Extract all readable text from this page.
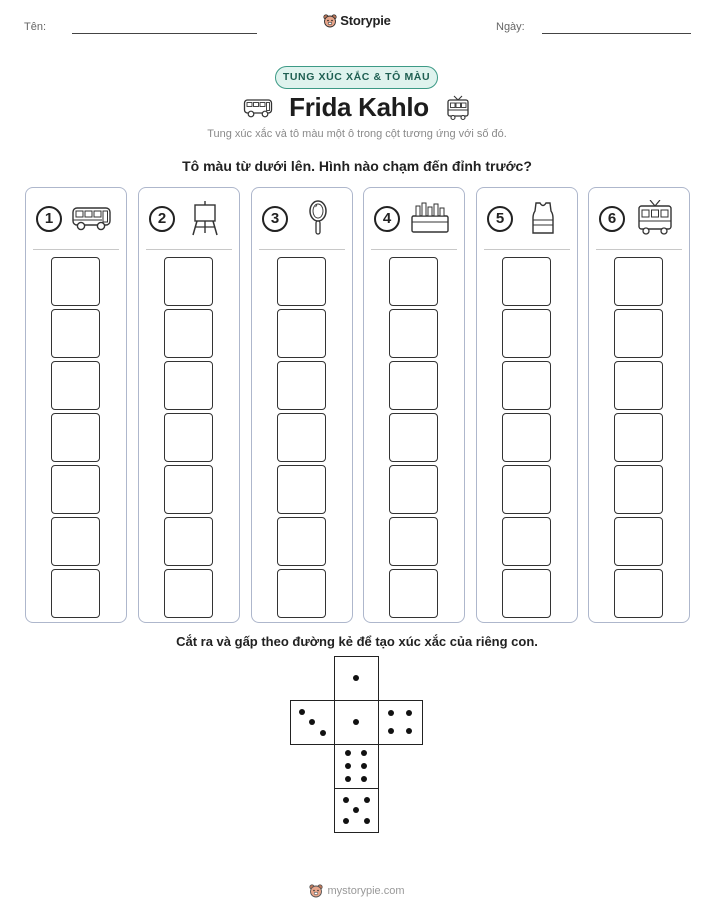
Tên:	Storypie	Ngày:
TUNG XÚC XẮC & TÔ MÀU
Frida Kahlo
Tung xúc xắc và tô màu một ô trong cột tương ứng với số đó.
Tô màu từ dưới lên. Hình nào chạm đến đỉnh trước?
1	2	3	4	5	6
Cắt ra và gấp theo đường kẻ để tạo xúc xắc của riêng con.
mystorypie.com
